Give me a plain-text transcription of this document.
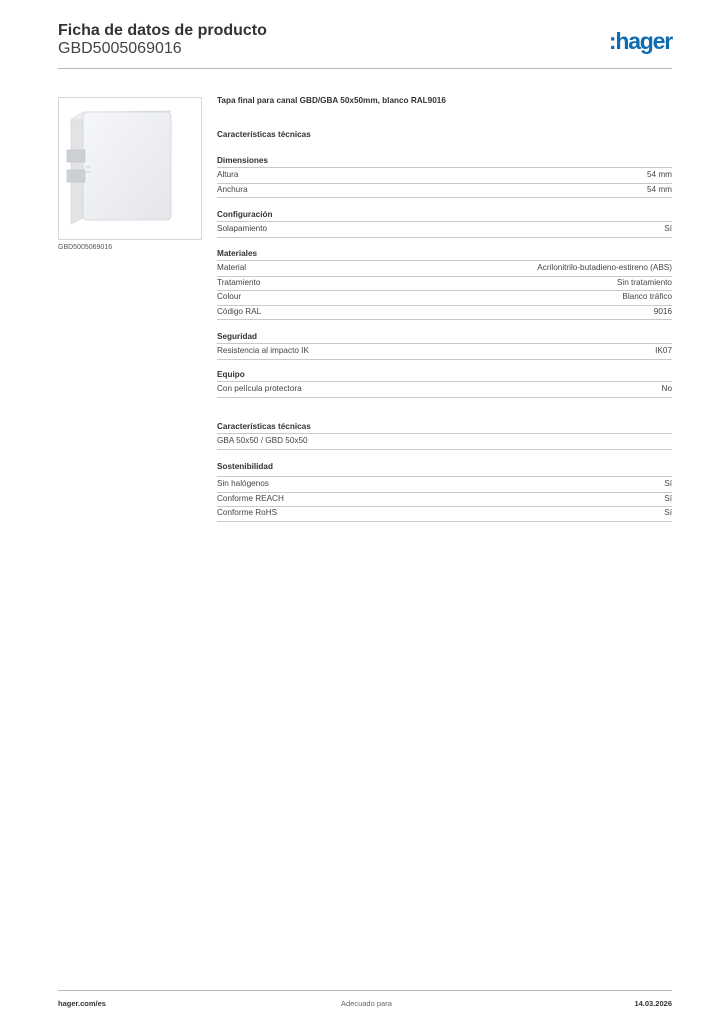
Ficha de datos de producto
GBD5005069016	:hager
GBD5005069016
Tapa final para canal GBD/GBA 50x50mm, blanco RAL9016
Características técnicas
Dimensiones
Altura	54 mm
Anchura	54 mm
Configuración
Solapamiento	Sí
Materiales
Material	Acrilonitrilo-butadieno-estireno (ABS)
Tratamiento	Sin tratamiento
Colour	Blanco tráfico
Código RAL	9016
Seguridad
Resistencia al impacto IK	IK07
Equipo
Con película protectora	No
Características técnicas
GBA 50x50 / GBD 50x50
Sostenibilidad
Sin halógenos	Sí
Conforme REACH	Sí
Conforme RoHS	Sí
hager.com/es	Adecuado para	14.03.2026
